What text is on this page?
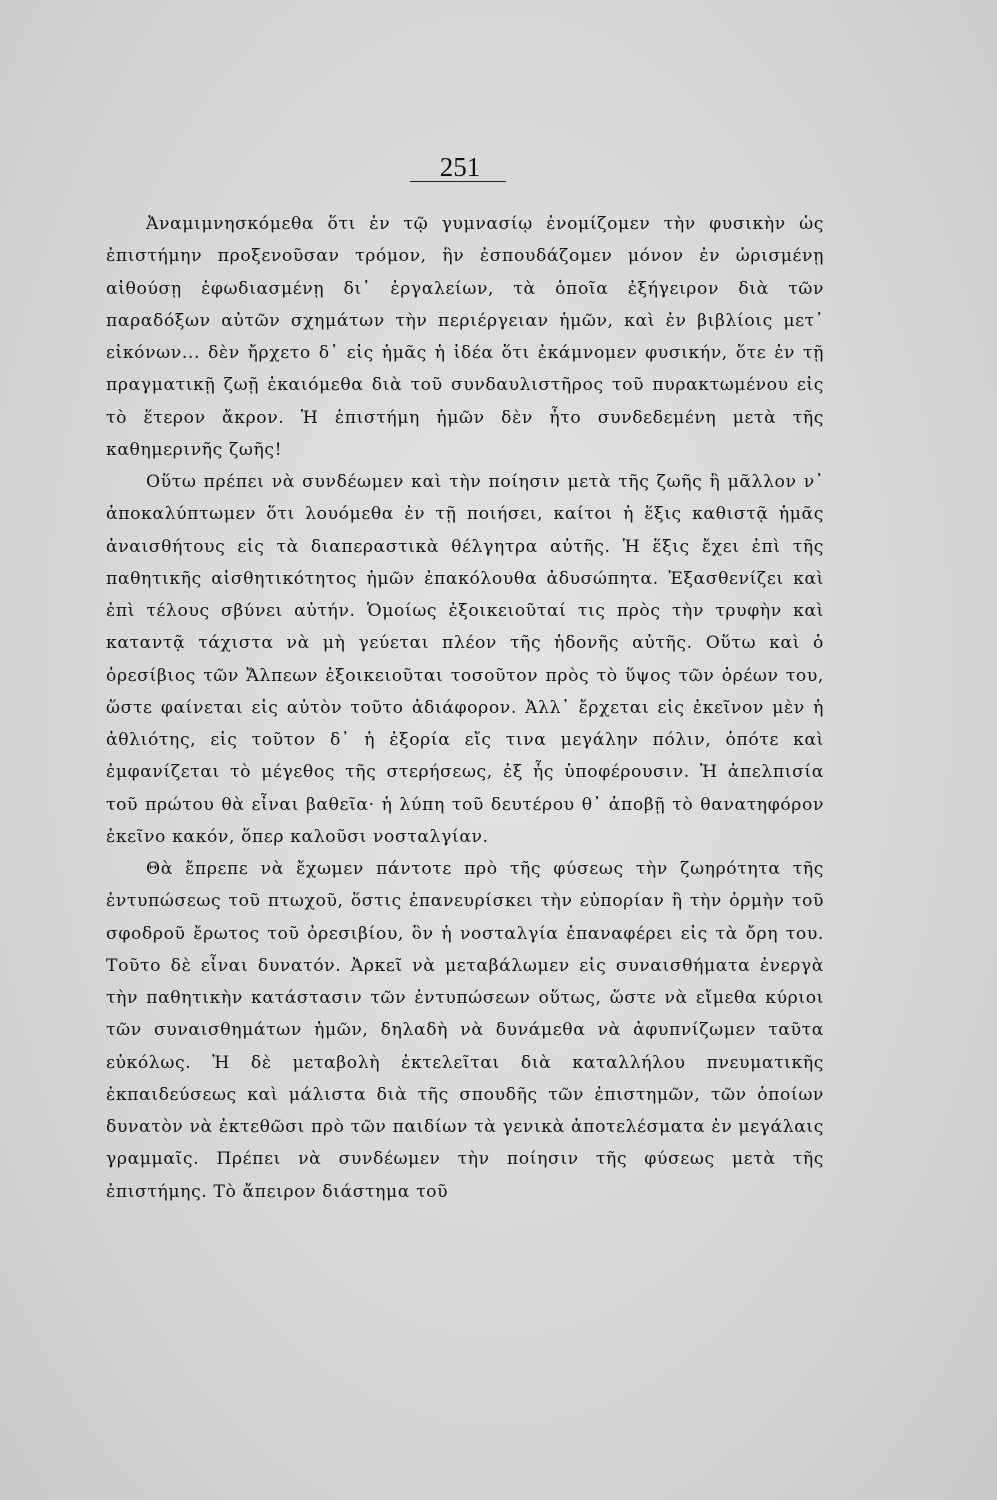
251

Ἀναμιμνησκόμεθα ὅτι ἐν τῷ γυμνασίῳ ἐνομίζομεν τὴν φυσικὴν ὡς ἐπιστήμην προξενοῦσαν τρόμον, ἣν ἐσπουδάζομεν μόνον ἐν ὡρισμένῃ αἰθούσῃ ἐφωδιασμένῃ δι᾽ ἐργαλείων, τὰ ὁποῖα ἐξήγειρον διὰ τῶν παραδόξων αὐτῶν σχημάτων τὴν περιέργειαν ἡμῶν, καὶ ἐν βιβλίοις μετ᾽ εἰκόνων... δὲν ἤρχετο δ᾽ εἰς ἡμᾶς ἡ ἰδέα ὅτι ἐκάμνομεν φυσικήν, ὅτε ἐν τῇ πραγματικῇ ζωῇ ἐκαιόμεθα διὰ τοῦ συνδαυλιστῆρος τοῦ πυρακτωμένου εἰς τὸ ἕτερον ἄκρον. Ἡ ἐπιστήμη ἡμῶν δὲν ἦτο συνδεδεμένη μετὰ τῆς καθημερινῆς ζωῆς!

Οὕτω πρέπει νὰ συνδέωμεν καὶ τὴν ποίησιν μετὰ τῆς ζωῆς ἢ μᾶλλον ν᾽ ἀποκαλύπτωμεν ὅτι λουόμεθα ἐν τῇ ποιήσει, καίτοι ἡ ἕξις καθιστᾷ ἡμᾶς ἀναισθήτους εἰς τὰ διαπεραστικὰ θέλγητρα αὐτῆς. Ἡ ἕξις ἔχει ἐπὶ τῆς παθητικῆς αἰσθητικότητος ἡμῶν ἐπακόλουθα ἀδυσώπητα. Ἐξασθενίζει καὶ ἐπὶ τέλους σβύνει αὐτήν. Ὁμοίως ἐξοικειοῦταί τις πρὸς τὴν τρυφὴν καὶ καταντᾷ τάχιστα νὰ μὴ γεύεται πλέον τῆς ἡδονῆς αὐτῆς. Οὕτω καὶ ὁ ὀρεσίβιος τῶν Ἄλπεων ἐξοικειοῦται τοσοῦτον πρὸς τὸ ὕψος τῶν ὀρέων του, ὥστε φαίνεται εἰς αὐτὸν τοῦτο ἀδιάφορον. Ἀλλ᾽ ἔρχεται εἰς ἐκεῖνον μὲν ἡ ἀθλιότης, εἰς τοῦτον δ᾽ ἡ ἐξορία εἴς τινα μεγάλην πόλιν, ὁπότε καὶ ἐμφανίζεται τὸ μέγεθος τῆς στερήσεως, ἐξ ἧς ὑποφέρουσιν. Ἡ ἀπελπισία τοῦ πρώτου θὰ εἶναι βαθεῖα· ἡ λύπη τοῦ δευτέρου θ᾽ ἀποβῇ τὸ θανατηφόρον ἐκεῖνο κακόν, ὅπερ καλοῦσι νοσταλγίαν.

Θὰ ἔπρεπε νὰ ἔχωμεν πάντοτε πρὸ τῆς φύσεως τὴν ζωηρότητα τῆς ἐντυπώσεως τοῦ πτωχοῦ, ὅστις ἐπανευρίσκει τὴν εὐπορίαν ἢ τὴν ὁρμὴν τοῦ σφοδροῦ ἔρωτος τοῦ ὀρεσιβίου, ὃν ἡ νοσταλγία ἐπαναφέρει εἰς τὰ ὄρη του. Τοῦτο δὲ εἶναι δυνατόν. Ἀρκεῖ νὰ μεταβάλωμεν εἰς συναισθήματα ἐνεργὰ τὴν παθητικὴν κατάστασιν τῶν ἐντυπώσεων οὕτως, ὥστε νὰ εἴμεθα κύριοι τῶν συναισθημάτων ἡμῶν, δηλαδὴ νὰ δυνάμεθα νὰ ἀφυπνίζωμεν ταῦτα εὐκόλως. Ἡ δὲ μεταβολὴ ἐκτελεῖται διὰ καταλλήλου πνευματικῆς ἐκπαιδεύσεως καὶ μάλιστα διὰ τῆς σπουδῆς τῶν ἐπιστημῶν, τῶν ὁποίων δυνατὸν νὰ ἐκτεθῶσι πρὸ τῶν παιδίων τὰ γενικὰ ἀποτελέσματα ἐν μεγάλαις γραμμαῖς. Πρέπει νὰ συνδέωμεν τὴν ποίησιν τῆς φύσεως μετὰ τῆς ἐπιστήμης. Τὸ ἄπειρον διάστημα τοῦ
